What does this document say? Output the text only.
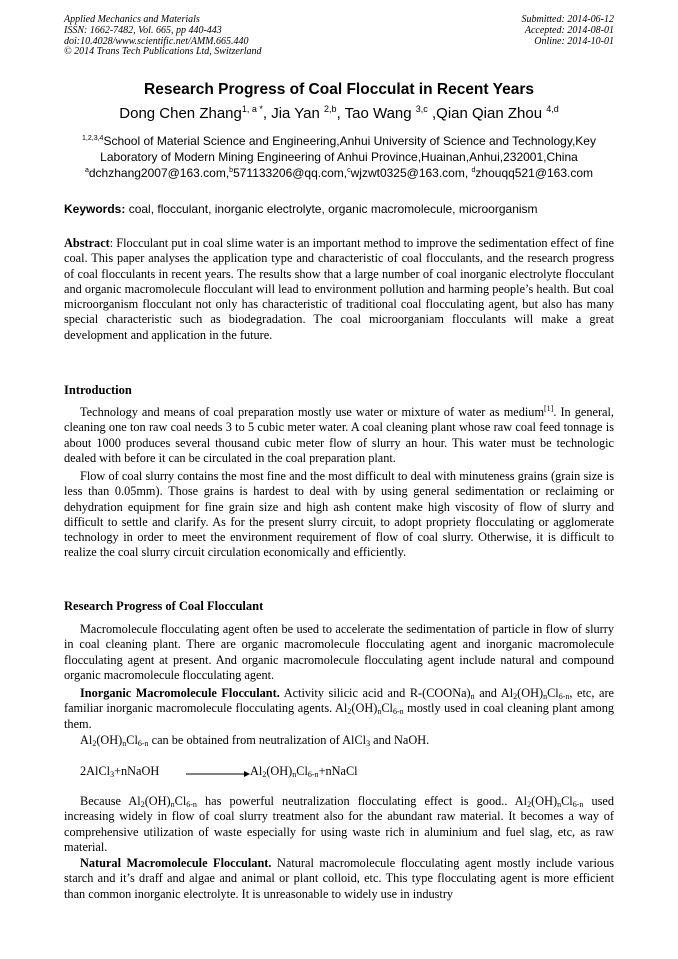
Applied Mechanics and Materials
ISSN: 1662-7482, Vol. 665, pp 440-443
doi:10.4028/www.scientific.net/AMM.665.440
© 2014 Trans Tech Publications Ltd, Switzerland
Submitted: 2014-06-12
Accepted: 2014-08-01
Online: 2014-10-01
Research Progress of Coal Flocculat in Recent Years
Dong Chen Zhang$^{1, a *}$, Jia Yan $^{2,b}$, Tao Wang $^{3,c}$ ,Qian Qian Zhou $^{4,d}$
$^{1,2,3,4}$School of Material Science and Engineering,Anhui University of Science and Technology,Key Laboratory of Modern Mining Engineering of Anhui Province,Huainan,Anhui,232001,China
$^a$dchzhang2007@163.com,$^b$571133206@qq.com,$^c$wjzwt0325@163.com, $^d$zhouqq521@163.com
Keywords: coal, flocculant, inorganic electrolyte, organic macromolecule, microorganism
Abstract: Flocculant put in coal slime water is an important method to improve the sedimentation effect of fine coal. This paper analyses the application type and characteristic of coal flocculants, and the research progress of coal flocculants in recent years. The results show that a large number of coal inorganic electrolyte flocculant and organic macromolecule flocculant will lead to environment pollution and harming people’s health. But coal microorganism flocculant not only has characteristic of traditional coal flocculating agent, but also has many special characteristic such as biodegradation. The coal microorganiam flocculants will make a great development and application in the future.
Introduction
Technology and means of coal preparation mostly use water or mixture of water as medium[1]. In general, cleaning one ton raw coal needs 3 to 5 cubic meter water. A coal cleaning plant whose raw coal feed tonnage is about 1000 produces several thousand cubic meter flow of slurry an hour. This water must be technologic dealed with before it can be circulated in the coal preparation plant.
Flow of coal slurry contains the most fine and the most difficult to deal with minuteness grains (grain size is less than 0.05mm). Those grains is hardest to deal with by using general sedimentation or reclaiming or dehydration equipment for fine grain size and high ash content make high viscosity of flow of slurry and difficult to settle and clarify. As for the present slurry circuit, to adopt propriety flocculating or agglomerate technology in order to meet the environment requirement of flow of coal slurry. Otherwise, it is difficult to realize the coal slurry circuit circulation economically and efficiently.
Research Progress of Coal Flocculant
Macromolecule flocculating agent often be used to accelerate the sedimentation of particle in flow of slurry in coal cleaning plant. There are organic macromolecule flocculating agent and inorganic macromolecule flocculating agent at present. And organic macromolecule flocculating agent include natural and compound organic macromolecule flocculating agent.
Inorganic Macromolecule Flocculant. Activity silicic acid and $R-(COONa)_n$ and $Al_2(OH)_nCl_{6-n}$, etc, are familiar inorganic macromolecule flocculating agents. $Al_2(OH)_nCl_{6-n}$ mostly used in coal cleaning plant among them.
$Al_2(OH)_nCl_{6-n}$ can be obtained from neutralization of AlCl$_3$ and NaOH.
2AlCl$_3$+nNaOH	$Al_2(OH)_nCl_{6-n}+nNaCl$
Because $Al_2(OH)_nCl_{6-n}$ has powerful neutralization flocculating effect is good.. $Al_2(OH)_nCl_{6-n}$ used increasing widely in flow of coal slurry treatment also for the abundant raw material. It becomes a way of comprehensive utilization of waste especially for using waste rich in aluminium and fuel slag, etc, as raw material.
Natural Macromolecule Flocculant. Natural macromolecule flocculating agent mostly include various starch and it’s draff and algae and animal or plant colloid, etc. This type flocculating agent is more efficient than common inorganic electrolyte. It is unreasonable to widely use in industry
